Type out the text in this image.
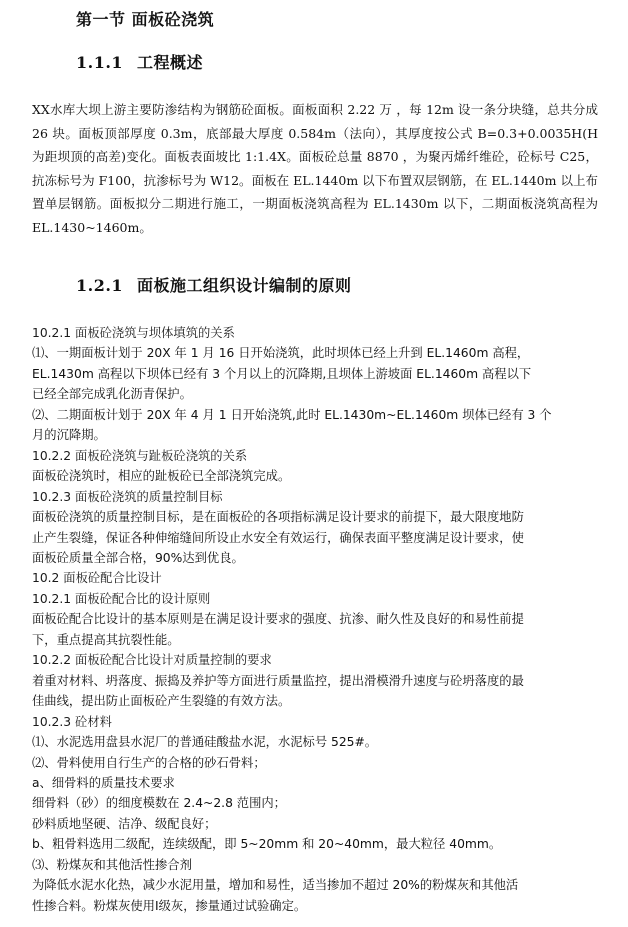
第一节 面板砼浇筑
1.1.1 工程概述

XX水库大坝上游主要防渗结构为钢筋砼面板。面板面积 2.22 万 ，每 12m 设一条分块缝，总共分成 26 块。面板顶部厚度 0.3m，底部最大厚度 0.584m（法向），其厚度按公式 B=0.3+0.0035H(H 为距坝顶的高差)变化。面板表面坡比 1:1.4X。面板砼总量 8870 ，为聚丙烯纤维砼，砼标号 C25，抗冻标号为 F100，抗渗标号为 W12。面板在 EL.1440m 以下布置双层钢筋，在 EL.1440m 以上布置单层钢筋。面板拟分二期进行施工，一期面板浇筑高程为 EL.1430m 以下，二期面板浇筑高程为 EL.1430~1460m。

1.2.1 面板施工组织设计编制的原则
10.2.1 面板砼浇筑与坝体填筑的关系
⑴、一期面板计划于 20X 年 1 月 16 日开始浇筑，此时坝体已经上升到 EL.1460m 高程，
EL.1430m 高程以下坝体已经有 3 个月以上的沉降期,且坝体上游坡面 EL.1460m 高程以下
已经全部完成乳化沥青保护。
⑵、二期面板计划于 20X 年 4 月 1 日开始浇筑,此时 EL.1430m~EL.1460m 坝体已经有 3 个
月的沉降期。
10.2.2 面板砼浇筑与趾板砼浇筑的关系
面板砼浇筑时，相应的趾板砼已全部浇筑完成。
10.2.3 面板砼浇筑的质量控制目标
面板砼浇筑的质量控制目标，是在面板砼的各项指标满足设计要求的前提下，最大限度地防
止产生裂缝，保证各种伸缩缝间所设止水安全有效运行，确保表面平整度满足设计要求，使
面板砼质量全部合格，90%达到优良。
10.2 面板砼配合比设计
10.2.1 面板砼配合比的设计原则
面板砼配合比设计的基本原则是在满足设计要求的强度、抗渗、耐久性及良好的和易性前提
下，重点提高其抗裂性能。
10.2.2 面板砼配合比设计对质量控制的要求
着重对材料、坍落度、振捣及养护等方面进行质量监控，提出滑模滑升速度与砼坍落度的最
佳曲线，提出防止面板砼产生裂缝的有效方法。
10.2.3 砼材料
⑴、水泥选用盘县水泥厂的普通硅酸盐水泥，水泥标号 525#。
⑵、骨料使用自行生产的合格的砂石骨料；
a、细骨料的质量技术要求
细骨料（砂）的细度模数在 2.4~2.8 范围内；
砂料质地坚硬、洁净、级配良好；
b、粗骨料选用二级配，连续级配，即 5~20mm 和 20~40mm，最大粒径 40mm。
⑶、粉煤灰和其他活性掺合剂
为降低水泥水化热，减少水泥用量，增加和易性，适当掺加不超过 20%的粉煤灰和其他活
性掺合料。粉煤灰使用Ⅰ级灰，掺量通过试验确定。
